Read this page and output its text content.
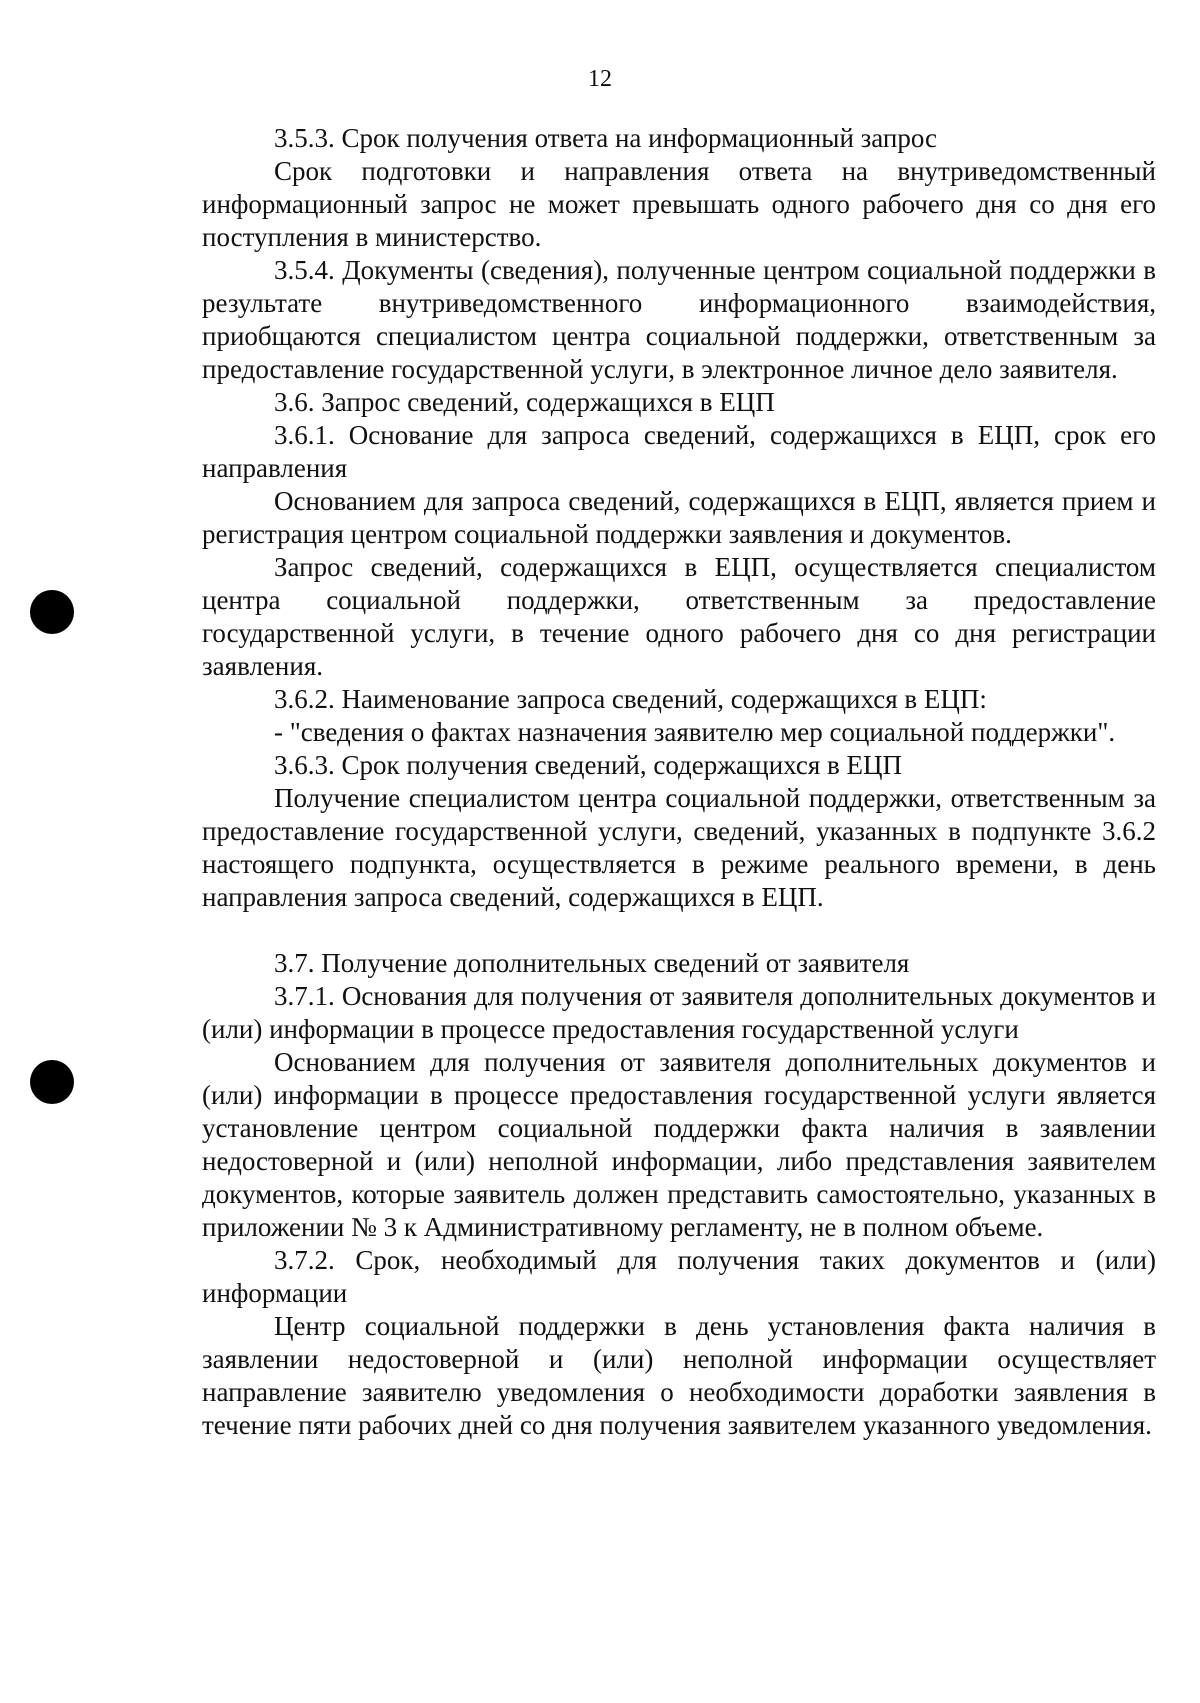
12

3.5.3. Срок получения ответа на информационный запрос

Срок подготовки и направления ответа на внутриведомственный информационный запрос не может превышать одного рабочего дня со дня его поступления в министерство.

3.5.4. Документы (сведения), полученные центром социальной поддержки в результате внутриведомственного информационного взаимодействия, приобщаются специалистом центра социальной поддержки, ответственным за предоставление государственной услуги, в электронное личное дело заявителя.

3.6. Запрос сведений, содержащихся в ЕЦП

3.6.1. Основание для запроса сведений, содержащихся в ЕЦП, срок его направления

Основанием для запроса сведений, содержащихся в ЕЦП, является прием и регистрация центром социальной поддержки заявления и документов.

Запрос сведений, содержащихся в ЕЦП, осуществляется специалистом центра социальной поддержки, ответственным за предоставление государственной услуги, в течение одного рабочего дня со дня регистрации заявления.

3.6.2. Наименование запроса сведений, содержащихся в ЕЦП:

- "сведения о фактах назначения заявителю мер социальной поддержки".

3.6.3. Срок получения сведений, содержащихся в ЕЦП

Получение специалистом центра социальной поддержки, ответственным за предоставление государственной услуги, сведений, указанных в подпункте 3.6.2 настоящего подпункта, осуществляется в режиме реального времени, в день направления запроса сведений, содержащихся в ЕЦП.

3.7. Получение дополнительных сведений от заявителя

3.7.1. Основания для получения от заявителя дополнительных документов и (или) информации в процессе предоставления государственной услуги

Основанием для получения от заявителя дополнительных документов и (или) информации в процессе предоставления государственной услуги является установление центром социальной поддержки факта наличия в заявлении недостоверной и (или) неполной информации, либо представления заявителем документов, которые заявитель должен представить самостоятельно, указанных в приложении № 3 к Административному регламенту, не в полном объеме.

3.7.2. Срок, необходимый для получения таких документов и (или) информации

Центр социальной поддержки в день установления факта наличия в заявлении недостоверной и (или) неполной информации осуществляет направление заявителю уведомления о необходимости доработки заявления в течение пяти рабочих дней со дня получения заявителем указанного уведомления.
